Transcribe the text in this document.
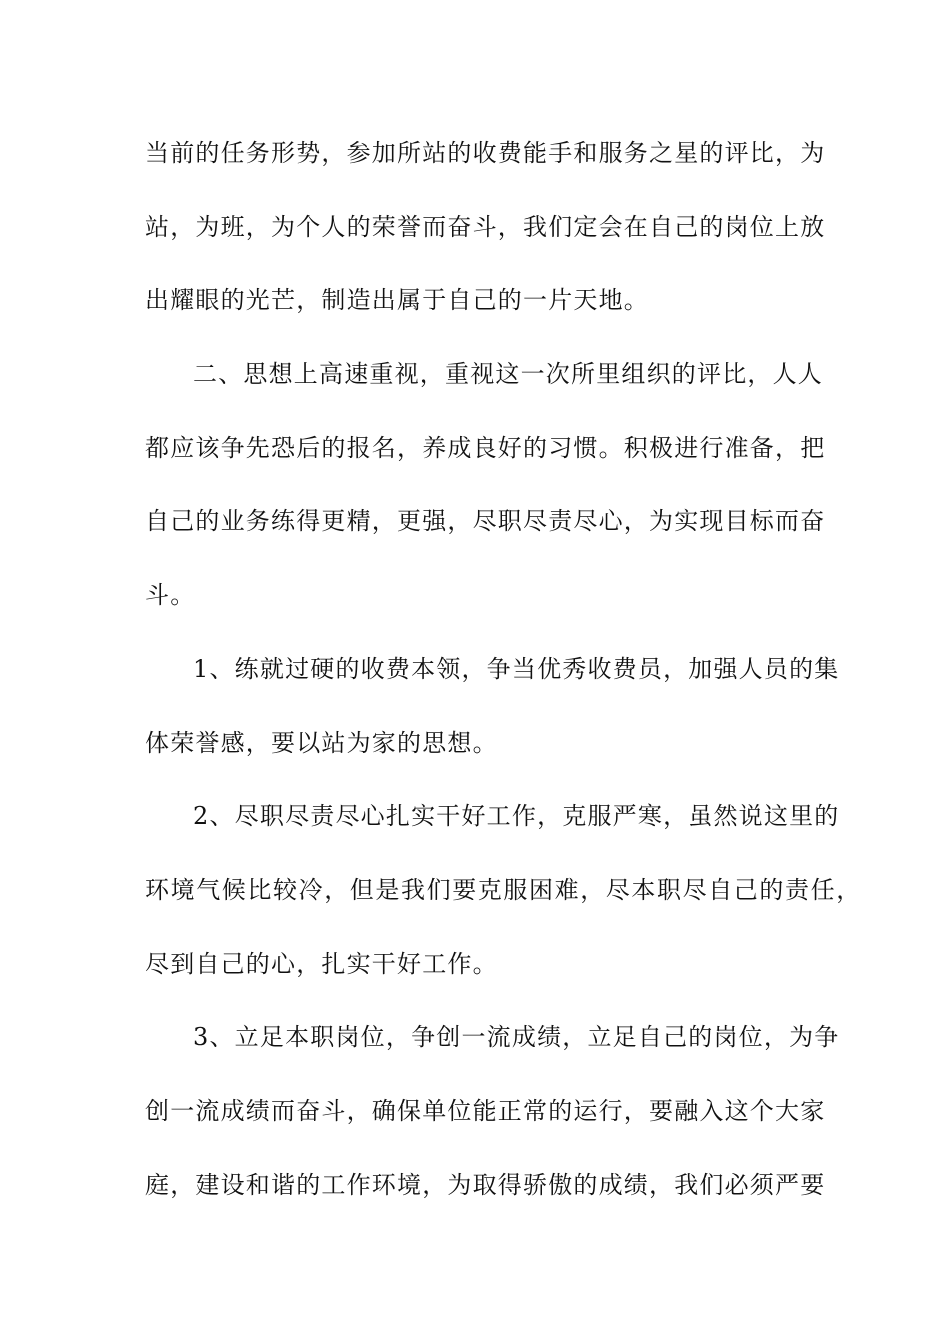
当前的任务形势，参加所站的收费能手和服务之星的评比，为
站，为班，为个人的荣誉而奋斗，我们定会在自己的岗位上放
出耀眼的光芒，制造出属于自己的一片天地。
二、思想上高速重视，重视这一次所里组织的评比，人人
都应该争先恐后的报名，养成良好的习惯。积极进行准备，把
自己的业务练得更精，更强，尽职尽责尽心，为实现目标而奋
斗。
1、练就过硬的收费本领，争当优秀收费员，加强人员的集
体荣誉感，要以站为家的思想。
2、尽职尽责尽心扎实干好工作，克服严寒，虽然说这里的
环境气候比较冷，但是我们要克服困难，尽本职尽自己的责任，
尽到自己的心，扎实干好工作。
3、立足本职岗位，争创一流成绩，立足自己的岗位，为争
创一流成绩而奋斗，确保单位能正常的运行，要融入这个大家
庭，建设和谐的工作环境，为取得骄傲的成绩，我们必须严要
